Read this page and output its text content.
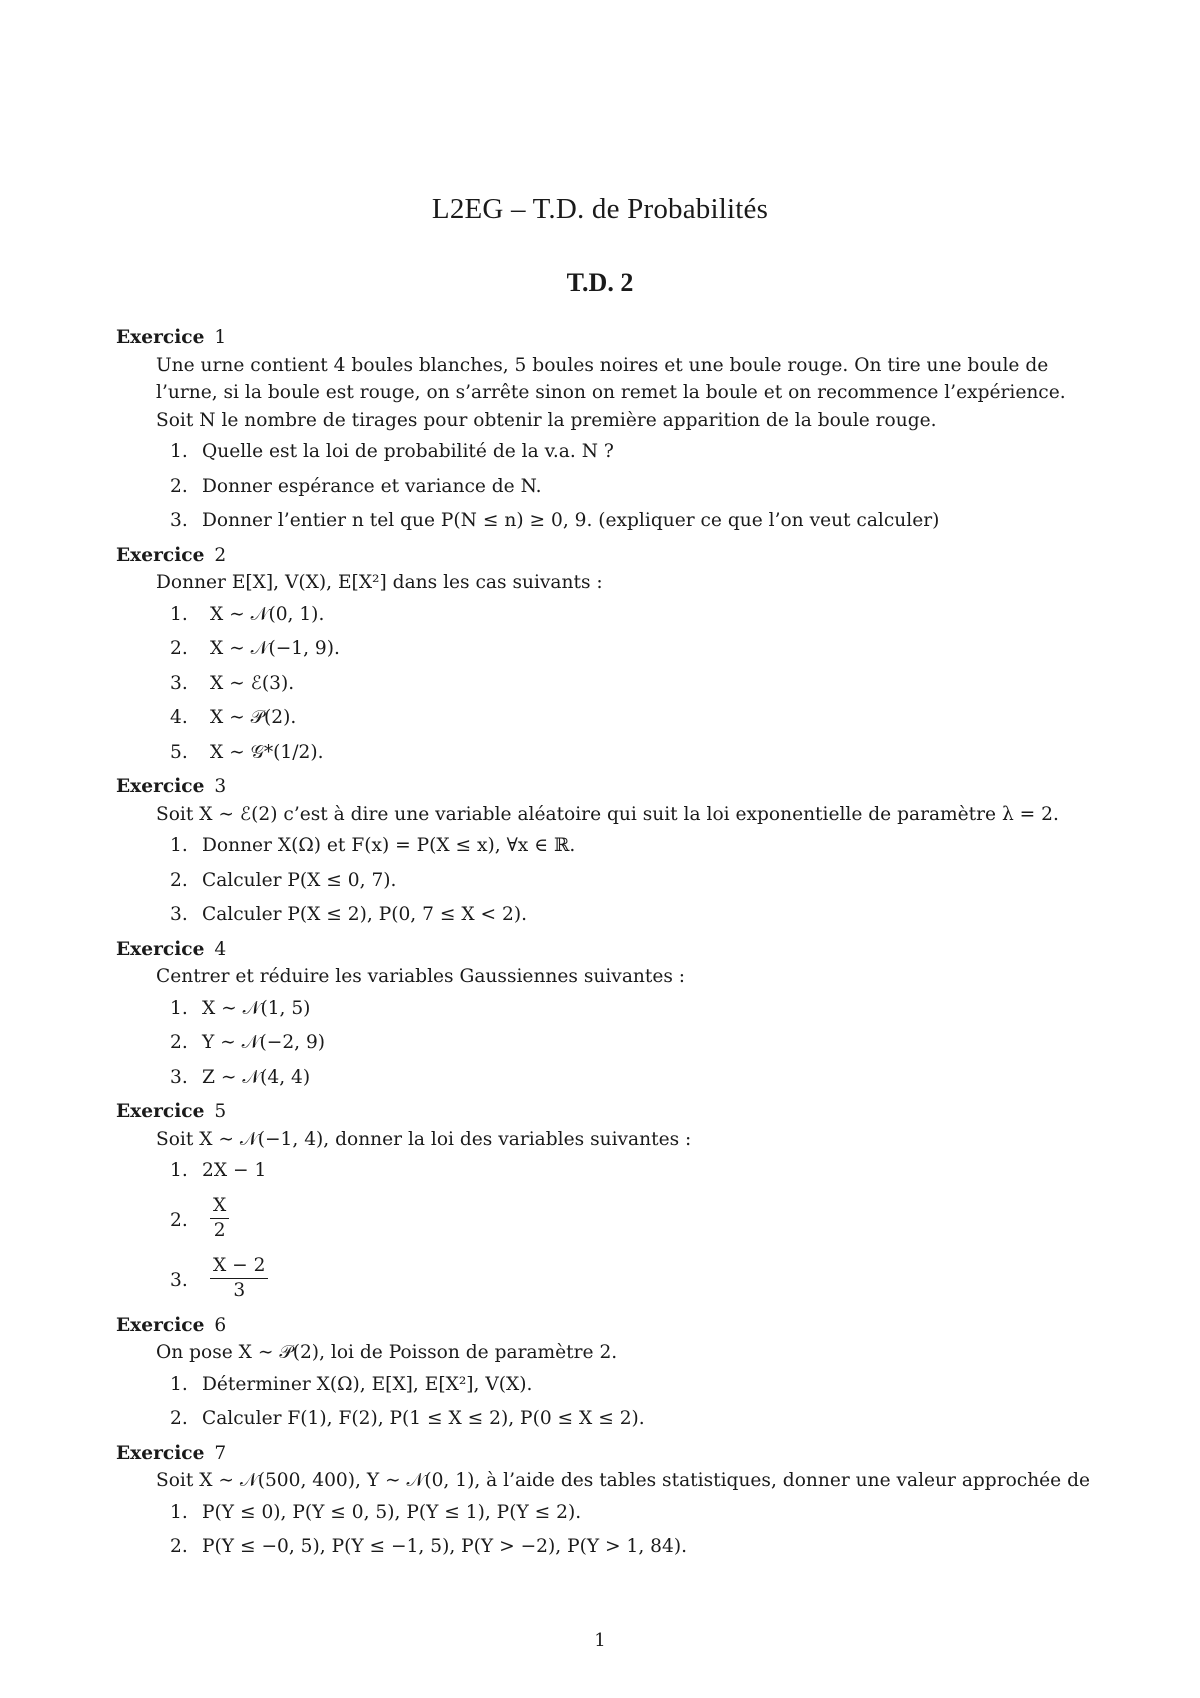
L2EG – T.D. de Probabilités
T.D. 2
Exercice 1
Une urne contient 4 boules blanches, 5 boules noires et une boule rouge. On tire une boule de l’urne, si la boule est rouge, on s’arrête sinon on remet la boule et on recommence l’expérience. Soit N le nombre de tirages pour obtenir la première apparition de la boule rouge.
1. Quelle est la loi de probabilité de la v.a. N ?
2. Donner espérance et variance de N.
3. Donner l’entier n tel que P(N ≤ n) ≥ 0, 9. (expliquer ce que l’on veut calculer)
Exercice 2
Donner E[X], V(X), E[X²] dans les cas suivants :
1. X ∼ 𝒩(0, 1).
2. X ∼ 𝒩(−1, 9).
3. X ∼ ℰ(3).
4. X ∼ 𝒫(2).
5. X ∼ 𝒢*(1/2).
Exercice 3
Soit X ∼ ℰ(2) c’est à dire une variable aléatoire qui suit la loi exponentielle de paramètre λ = 2.
1. Donner X(Ω) et F(x) = P(X ≤ x), ∀x ∈ ℝ.
2. Calculer P(X ≤ 0, 7).
3. Calculer P(X ≤ 2), P(0, 7 ≤ X < 2).
Exercice 4
Centrer et réduire les variables Gaussiennes suivantes :
1. X ∼ 𝒩(1, 5)
2. Y ∼ 𝒩(−2, 9)
3. Z ∼ 𝒩(4, 4)
Exercice 5
Soit X ∼ 𝒩(−1, 4), donner la loi des variables suivantes :
1. 2X − 1
2. $\frac{X}{2}$
3. $\frac{X - 2}{3}$
Exercice 6
On pose X ∼ 𝒫(2), loi de Poisson de paramètre 2.
1. Déterminer X(Ω), E[X], E[X²], V(X).
2. Calculer F(1), F(2), P(1 ≤ X ≤ 2), P(0 ≤ X ≤ 2).
Exercice 7
Soit X ∼ 𝒩(500, 400), Y ∼ 𝒩(0, 1), à l’aide des tables statistiques, donner une valeur approchée de
1. P(Y ≤ 0), P(Y ≤ 0, 5), P(Y ≤ 1), P(Y ≤ 2).
2. P(Y ≤ −0, 5), P(Y ≤ −1, 5), P(Y > −2), P(Y > 1, 84).
1
